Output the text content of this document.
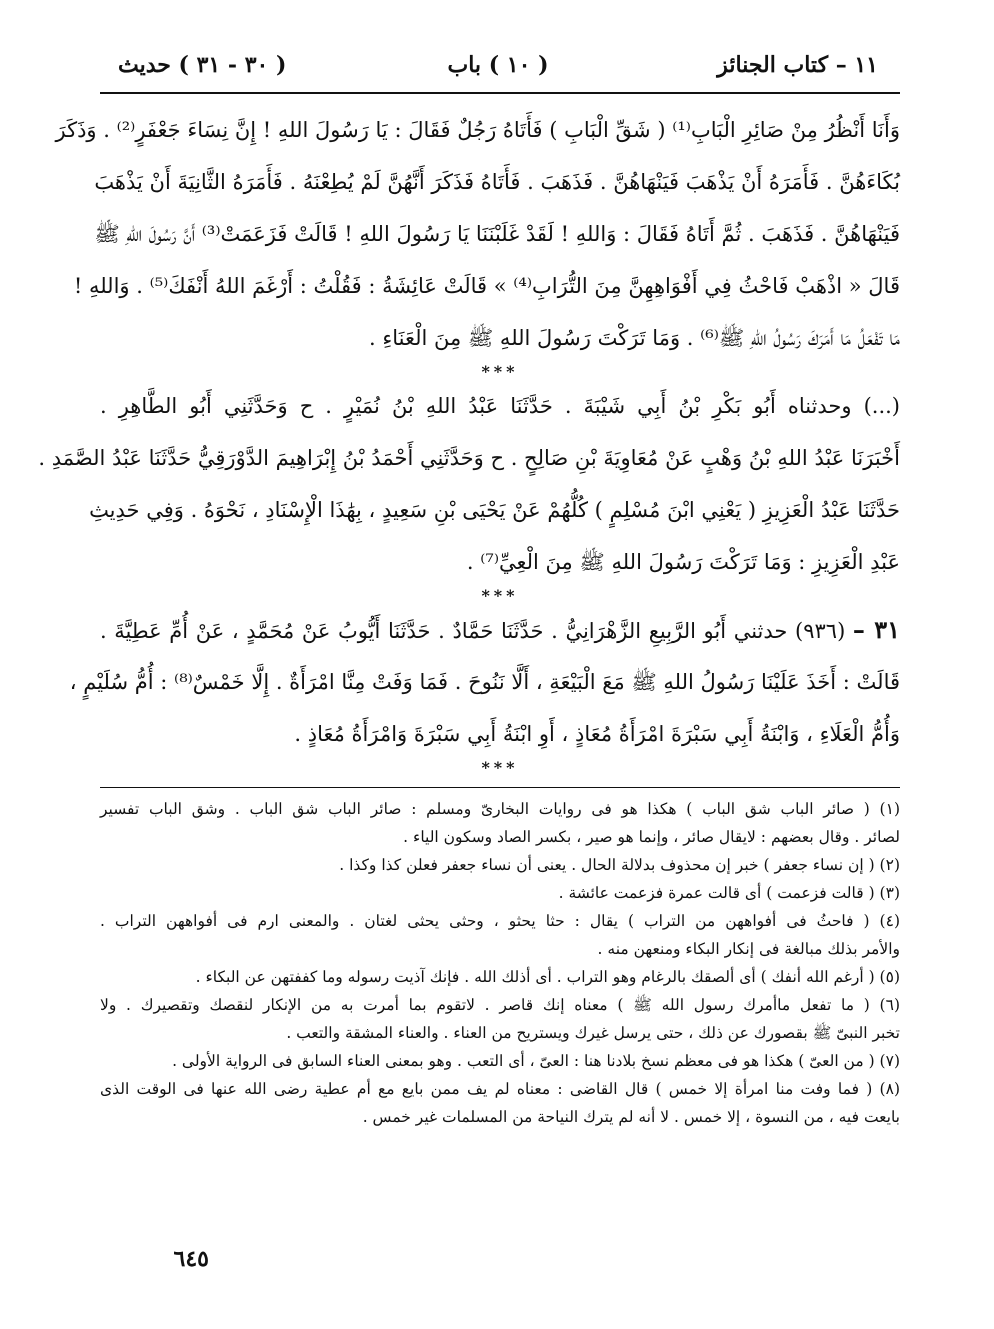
١١ – كتاب الجنائز
( ١٠ ) باب
( ٣٠ - ٣١ ) حديث
وَأَنَا أَنْظُرُ مِنْ صَائِرِ الْبَابِ⁽¹⁾ ( شَقِّ الْبَابِ ) فَأَتَاهُ رَجُلٌ فَقَالَ : يَا رَسُولَ اللهِ ! إِنَّ نِسَاءَ جَعْفَرٍ⁽²⁾ . وَذَكَرَ
بُكَاءَهُنَّ . فَأَمَرَهُ أَنْ يَذْهَبَ فَيَنْهَاهُنَّ . فَذَهَبَ . فَأَتَاهُ فَذَكَرَ أَنَّهُنَّ لَمْ يُطِعْنَهُ . فَأَمَرَهُ الثَّانِيَةَ أَنْ يَذْهَبَ
فَيَنْهَاهُنَّ . فَذَهَبَ . ثُمَّ أَتَاهُ فَقَالَ : وَاللهِ ! لَقَدْ غَلَبْنَنَا يَا رَسُولَ اللهِ ! قَالَتْ فَزَعَمَتْ⁽³⁾ أَنَّ رَسُولَ اللهِ ﷺ
قَالَ « اذْهَبْ فَاحْثُ فِي أَفْوَاهِهِنَّ مِنَ التُّرَابِ⁽⁴⁾ » قَالَتْ عَائِشَةُ : فَقُلْتُ : أَرْغَمَ اللهُ أَنْفَكَ⁽⁵⁾ . وَاللهِ !
مَا تَفْعَلُ مَا أَمَرَكَ رَسُولُ اللهِ ﷺ⁽⁶⁾ . وَمَا تَرَكْتَ رَسُولَ اللهِ ﷺ مِنَ الْعَنَاءِ .
***
(...) وحدثناه أَبُو بَكْرِ بْنُ أَبِي شَيْبَةَ . حَدَّثَنَا عَبْدُ اللهِ بْنُ نُمَيْرٍ . ح وَحَدَّثَنِي أَبُو الطَّاهِرِ .
أَخْبَرَنَا عَبْدُ اللهِ بْنُ وَهْبٍ عَنْ مُعَاوِيَةَ بْنِ صَالِحٍ . ح وَحَدَّثَنِي أَحْمَدُ بْنُ إِبْرَاهِيمَ الدَّوْرَقِيُّ حَدَّثَنَا عَبْدُ الصَّمَدِ .
حَدَّثَنَا عَبْدُ الْعَزِيزِ ( يَعْنِي ابْنَ مُسْلِمٍ ) كُلُّهُمْ عَنْ يَحْيَى بْنِ سَعِيدٍ ، بِهَٰذَا الْإِسْنَادِ ، نَحْوَهُ . وَفِي حَدِيثِ
عَبْدِ الْعَزِيزِ : وَمَا تَرَكْتَ رَسُولَ اللهِ ﷺ مِنَ الْعِيِّ⁽⁷⁾ .
***
٣١ – (٩٣٦) حدثني أَبُو الرَّبِيعِ الزَّهْرَانِيُّ . حَدَّثَنَا حَمَّادٌ . حَدَّثَنَا أَيُّوبُ عَنْ مُحَمَّدٍ ، عَنْ أُمِّ عَطِيَّةَ .
قَالَتْ : أَخَذَ عَلَيْنَا رَسُولُ اللهِ ﷺ مَعَ الْبَيْعَةِ ، أَلَّا نَنُوحَ . فَمَا وَفَتْ مِنَّا امْرَأَةٌ . إِلَّا خَمْسٌ⁽⁸⁾ : أُمُّ سُلَيْمٍ ،
وَأُمُّ الْعَلَاءِ ، وَابْنَةُ أَبِي سَبْرَةَ امْرَأَةُ مُعَاذٍ ، أَوِ ابْنَةُ أَبِي سَبْرَةَ وَامْرَأَةُ مُعَاذٍ .
***
(١) ( صائر الباب شق الباب ) هكذا هو فى روايات البخارىّ ومسلم : صائر الباب شق الباب . وشق الباب تفسير
لصائر . وقال بعضهم : لايقال صائر ، وإنما هو صير ، بكسر الصاد وسكون الياء .
(٢) ( إن نساء جعفر ) خبر إن محذوف بدلالة الحال . يعنى أن نساء جعفر فعلن كذا وكذا .
(٣) ( قالت فزعمت ) أى قالت عمرة فزعمت عائشة .
(٤) ( فاحثُ فى أفواههن من التراب ) يقال : حثا يحثو ، وحثى يحثى لغتان . والمعنى ارم فى أفواههن التراب .
والأمر بذلك مبالغة فى إنكار البكاء ومنعهن منه .
(٥) ( أرغم الله أنفك ) أى ألصقك بالرغام وهو التراب . أى أذلك الله . فإنك آذيت رسوله وما كففتهن عن البكاء .
(٦) ( ما تفعل ماأمرك رسول الله ﷺ ) معناه إنك قاصر . لاتقوم بما أمرت به من الإنكار لنقصك وتقصيرك . ولا
تخبر النبىّ ﷺ بقصورك عن ذلك ، حتى يرسل غيرك ويستريح من العناء . والعناء المشقة والتعب .
(٧) ( من العىّ ) هكذا هو فى معظم نسخ بلادنا هنا : العىّ ، أى التعب . وهو بمعنى العناء السابق فى الرواية الأولى .
(٨) ( فما وفت منا امرأة إلا خمس ) قال القاضى : معناه لم يف ممن بايع مع أم عطية رضى الله عنها فى الوقت الذى
بايعت فيه ، من النسوة ، إلا خمس . لا أنه لم يترك النياحة من المسلمات غير خمس .
٦٤٥
